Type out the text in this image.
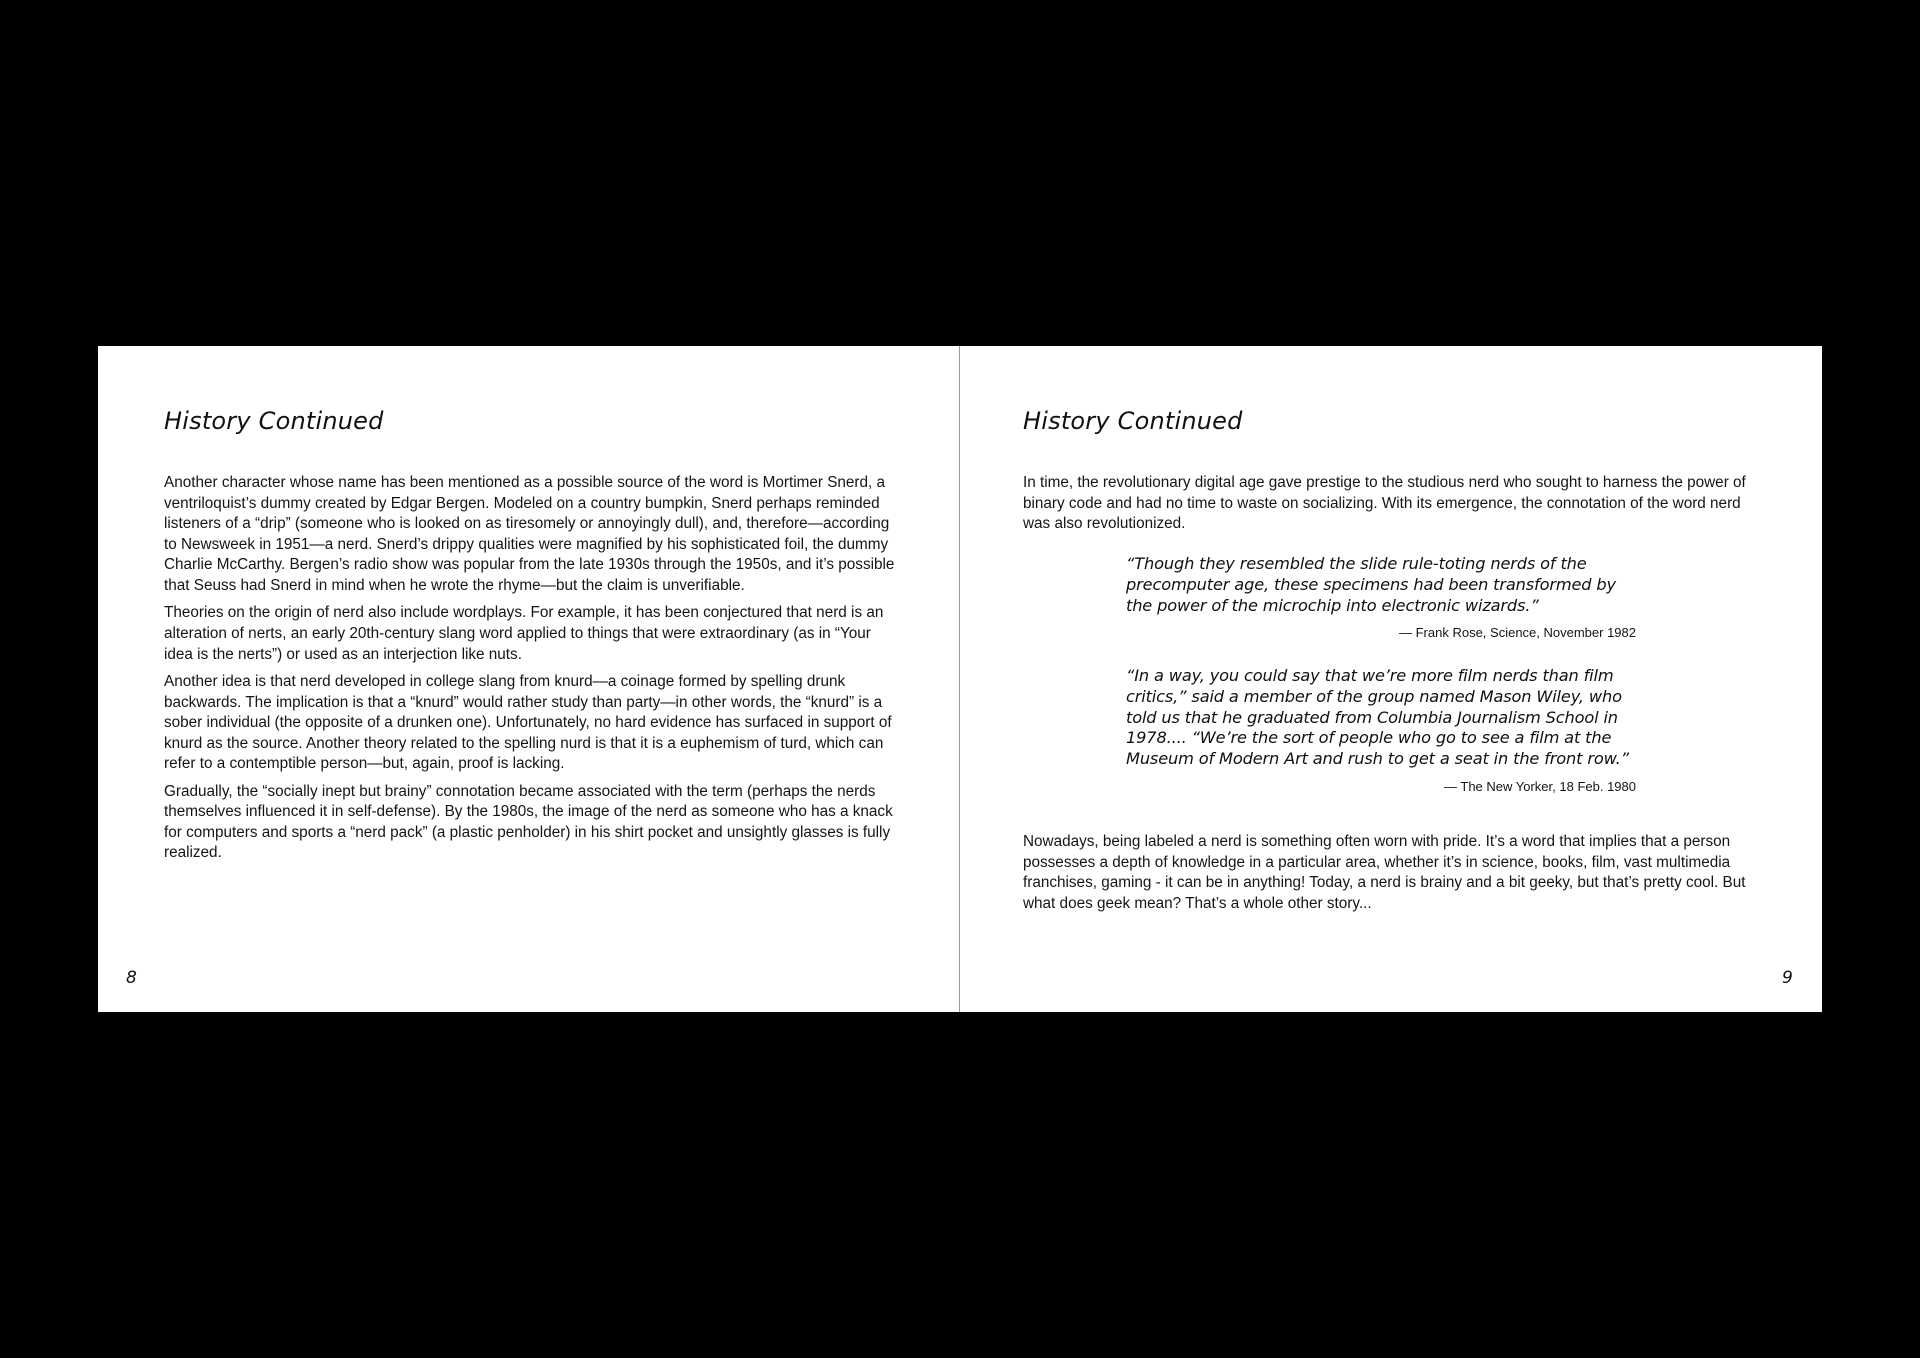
History Continued

Another character whose name has been mentioned as a possible source of the word is Mortimer Snerd, a ventriloquist’s dummy created by Edgar Bergen. Modeled on a country bumpkin, Snerd perhaps reminded listeners of a “drip” (someone who is looked on as tiresomely or annoyingly dull), and, therefore—according to Newsweek in 1951—a nerd. Snerd’s drippy qualities were magnified by his sophisticated foil, the dummy Charlie McCarthy. Bergen’s radio show was popular from the late 1930s through the 1950s, and it’s possible that Seuss had Snerd in mind when he wrote the rhyme—but the claim is unverifiable.

Theories on the origin of nerd also include wordplays. For example, it has been conjectured that nerd is an alteration of nerts, an early 20th-century slang word applied to things that were extraordinary (as in “Your idea is the nerts”) or used as an interjection like nuts.

Another idea is that nerd developed in college slang from knurd—a coinage formed by spelling drunk backwards. The implication is that a “knurd” would rather study than party—in other words, the “knurd” is a sober individual (the opposite of a drunken one). Unfortunately, no hard evidence has surfaced in support of knurd as the source. Another theory related to the spelling nurd is that it is a euphemism of turd, which can refer to a contemptible person—but, again, proof is lacking.

Gradually, the “socially inept but brainy” connotation became associated with the term (perhaps the nerds themselves influenced it in self-defense). By the 1980s, the image of the nerd as someone who has a knack for computers and sports a “nerd pack” (a plastic penholder) in his shirt pocket and unsightly glasses is fully realized.

8
History Continued

In time, the revolutionary digital age gave prestige to the studious nerd who sought to harness the power of binary code and had no time to waste on socializing. With its emergence, the connotation of the word nerd was also revolutionized.

“Though they resembled the slide rule-toting nerds of the precomputer age, these specimens had been transformed by the power of the microchip into electronic wizards.”

— Frank Rose, Science, November 1982

“In a way, you could say that we’re more film nerds than film critics,” said a member of the group named Mason Wiley, who told us that he graduated from Columbia Journalism School in 1978.... “We’re the sort of people who go to see a film at the Museum of Modern Art and rush to get a seat in the front row.”

— The New Yorker, 18 Feb. 1980

Nowadays, being labeled a nerd is something often worn with pride. It’s a word that implies that a person possesses a depth of knowledge in a particular area, whether it’s in science, books, film, vast multimedia franchises, gaming - it can be in anything! Today, a nerd is brainy and a bit geeky, but that’s pretty cool. But what does geek mean? That’s a whole other story...

9
